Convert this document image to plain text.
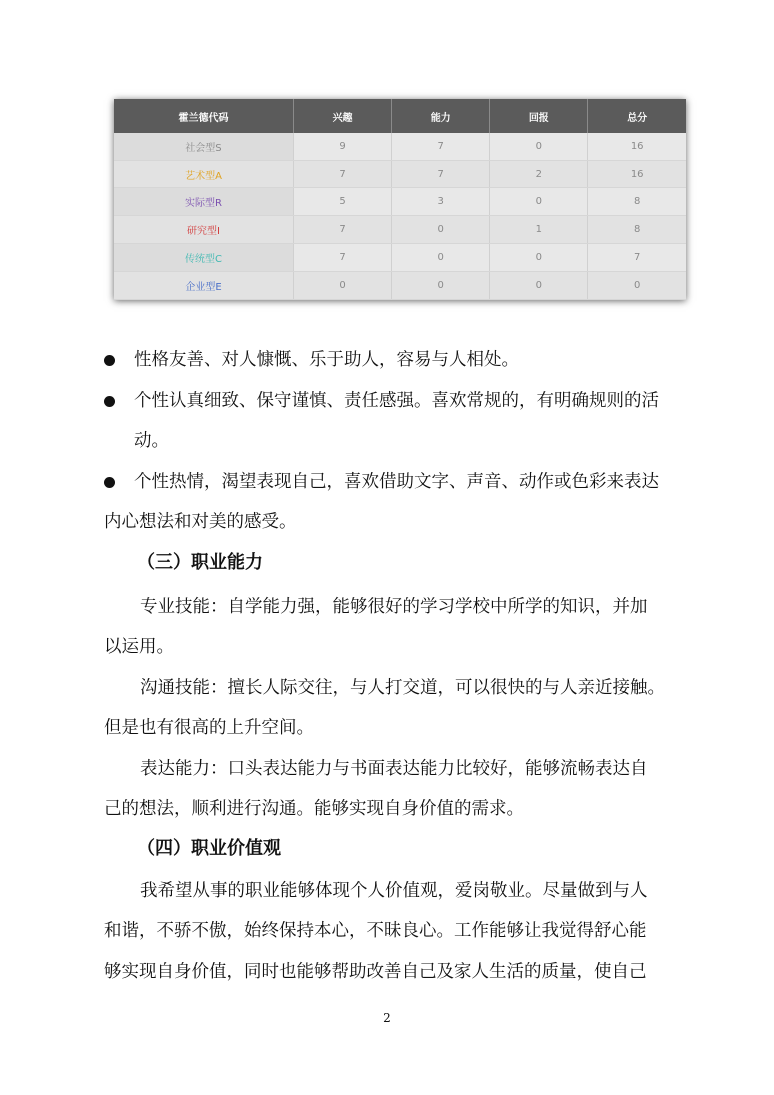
霍兰德代码	兴趣	能力	回报	总分
社会型S	9	7	0	16
艺术型A	7	7	2	16
实际型R	5	3	0	8
研究型I	7	0	1	8
传统型C	7	0	0	7
企业型E	0	0	0	0
性格友善、对人慷慨、乐于助人，容易与人相处。
个性认真细致、保守谨慎、责任感强。喜欢常规的，有明确规则的活
动。
个性热情，渴望表现自己，喜欢借助文字、声音、动作或色彩来表达
内心想法和对美的感受。
（三）职业能力
专业技能：自学能力强，能够很好的学习学校中所学的知识，并加
以运用。
沟通技能：擅长人际交往，与人打交道，可以很快的与人亲近接触。
但是也有很高的上升空间。
表达能力：口头表达能力与书面表达能力比较好，能够流畅表达自
己的想法，顺利进行沟通。能够实现自身价值的需求。
（四）职业价值观
我希望从事的职业能够体现个人价值观，爱岗敬业。尽量做到与人
和谐，不骄不傲，始终保持本心，不昧良心。工作能够让我觉得舒心能
够实现自身价值，同时也能够帮助改善自己及家人生活的质量，使自己
2
